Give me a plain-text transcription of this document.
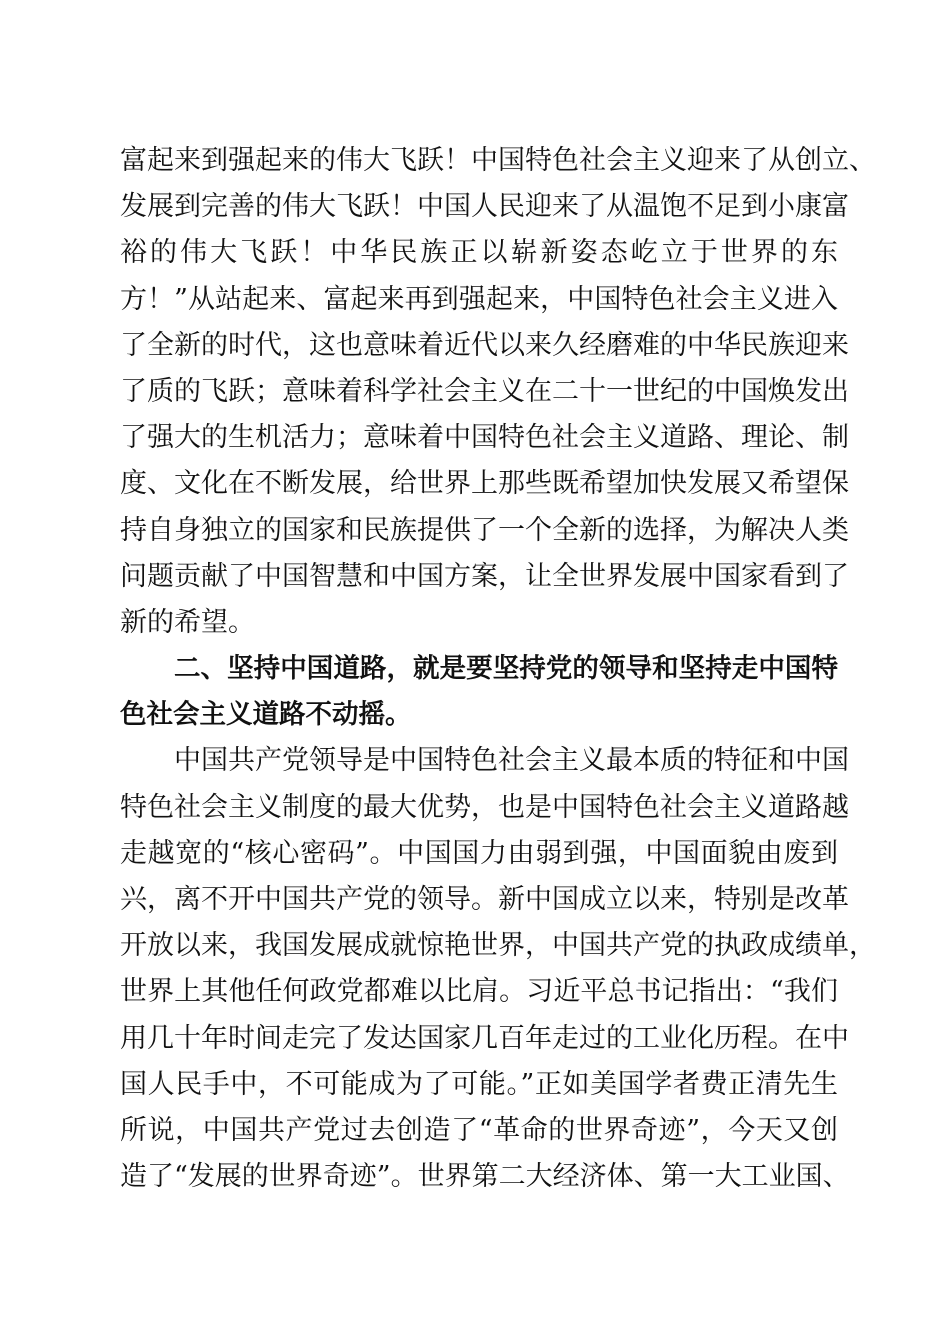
富起来到强起来的伟大飞跃！中国特色社会主义迎来了从创立、
发展到完善的伟大飞跃！中国人民迎来了从温饱不足到小康富
裕的伟大飞跃！中华民族正以崭新姿态屹立于世界的东
方！”从站起来、富起来再到强起来，中国特色社会主义进入
了全新的时代，这也意味着近代以来久经磨难的中华民族迎来
了质的飞跃；意味着科学社会主义在二十一世纪的中国焕发出
了强大的生机活力；意味着中国特色社会主义道路、理论、制
度、文化在不断发展，给世界上那些既希望加快发展又希望保
持自身独立的国家和民族提供了一个全新的选择，为解决人类
问题贡献了中国智慧和中国方案，让全世界发展中国家看到了
新的希望。
二、坚持中国道路，就是要坚持党的领导和坚持走中国特
色社会主义道路不动摇。
中国共产党领导是中国特色社会主义最本质的特征和中国
特色社会主义制度的最大优势，也是中国特色社会主义道路越
走越宽的“核心密码”。中国国力由弱到强，中国面貌由废到
兴，离不开中国共产党的领导。新中国成立以来，特别是改革
开放以来，我国发展成就惊艳世界，中国共产党的执政成绩单，
世界上其他任何政党都难以比肩。习近平总书记指出：“我们
用几十年时间走完了发达国家几百年走过的工业化历程。在中
国人民手中，不可能成为了可能。”正如美国学者费正清先生
所说，中国共产党过去创造了“革命的世界奇迹”，今天又创
造了“发展的世界奇迹”。世界第二大经济体、第一大工业国、
